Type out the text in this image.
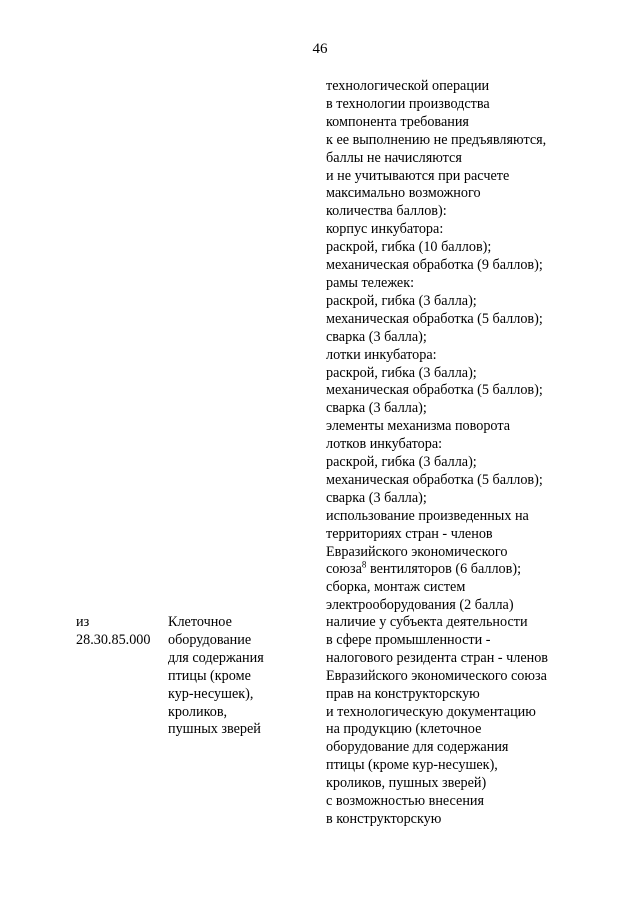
46
технологической операции
в технологии производства
компонента требования
к ее выполнению не предъявляются,
баллы не начисляются
и не учитываются при расчете
максимально возможного
количества баллов):
корпус инкубатора:
раскрой, гибка (10 баллов);
механическая обработка (9 баллов);
рамы тележек:
раскрой, гибка (3 балла);
механическая обработка (5 баллов);
сварка (3 балла);
лотки инкубатора:
раскрой, гибка (3 балла);
механическая обработка (5 баллов);
сварка (3 балла);
элементы механизма поворота
лотков инкубатора:
раскрой, гибка (3 балла);
механическая обработка (5 баллов);
сварка (3 балла);
использование произведенных на
территориях стран - членов
Евразийского экономического
союза$^8$ вентиляторов (6 баллов);
сборка, монтаж систем
электрооборудования (2 балла)
из
28.30.85.000
Клеточное
оборудование
для содержания
птицы (кроме
кур-несушек),
кроликов,
пушных зверей
наличие у субъекта деятельности
в сфере промышленности -
налогового резидента стран - членов
Евразийского экономического союза
прав на конструкторскую
и технологическую документацию
на продукцию (клеточное
оборудование для содержания
птицы (кроме кур-несушек),
кроликов, пушных зверей)
с возможностью внесения
в конструкторскую
